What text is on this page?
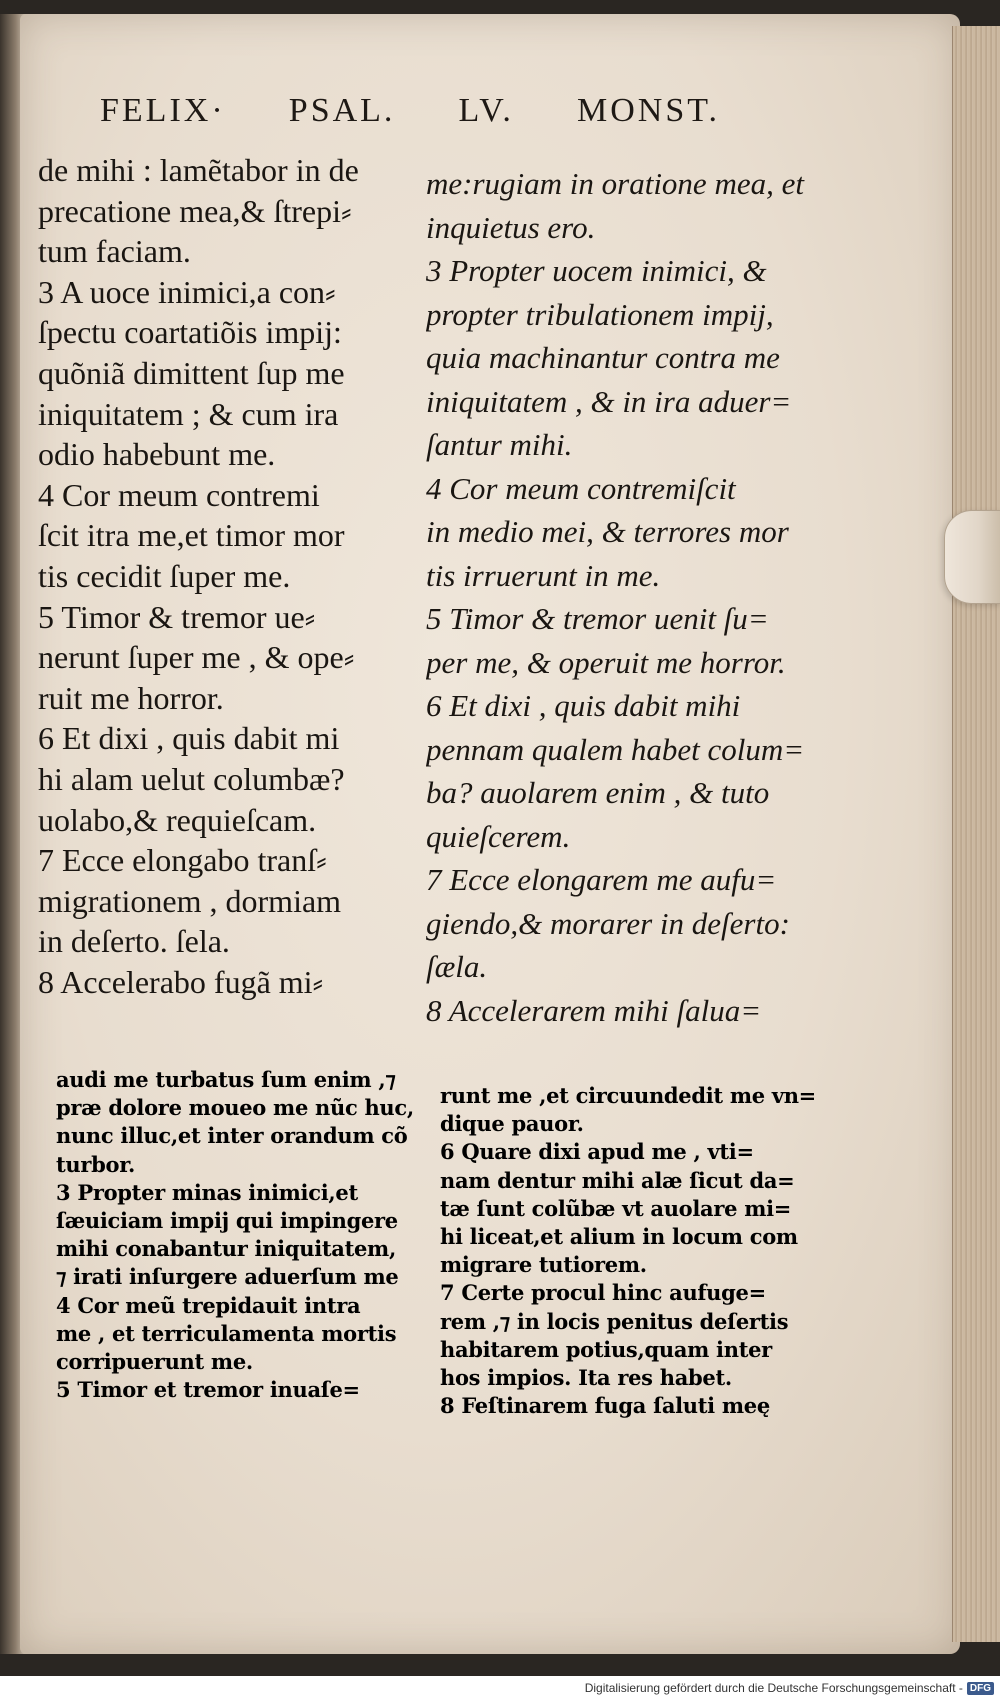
FELIX· PSAL. LV. MONST.
de mihi : lamẽtabor in de
precatione mea,& ſtrepi⸗
tum faciam.
3 A uoce inimici,a con⸗
ſpectu coartatiõis impij:
quõniã dimittent ſup me
iniquitatem ; & cum ira
odio habebunt me.
4 Cor meum contremi
ſcit itra me,et timor mor
tis cecidit ſuper me.
5 Timor & tremor ue⸗
nerunt ſuper me , & ope⸗
ruit me horror.
6 Et dixi , quis dabit mi
hi alam uelut columbæ?
uolabo,& requieſcam.
7 Ecce elongabo tranſ⸗
migrationem , dormiam
in deſerto. ſela.
8 Accelerabo fugã mi⸗
me:rugiam in oratione mea, et
inquietus ero.
3 Propter uocem inimici, &
propter tribulationem impij,
quia machinantur contra me
iniquitatem , & in ira aduer=
ſantur mihi.
4 Cor meum contremiſcit
in medio mei, & terrores mor
tis irruerunt in me.
5 Timor & tremor uenit ſu=
per me, & operuit me horror.
6 Et dixi , quis dabit mihi
pennam qualem habet colum=
ba? auolarem enim , & tuto
quieſcerem.
7 Ecce elongarem me aufu=
giendo,& morarer in deſerto:
ſæla.
8 Accelerarem mihi ſalua=
audi me turbatus ſum enim ,⁊
præ dolore moueo me nũc huc,
nunc illuc,et inter orandum cõ
turbor.
3 Propter minas inimici,et
ſæuiciam impij qui impingere
mihi conabantur iniquitatem,
⁊ irati inſurgere aduerſum me
4 Cor meũ trepidauit intra
me , et terriculamenta mortis
corripuerunt me.
5 Timor et tremor inuaſe=
runt me ,et circuundedit me vn=
dique pauor.
6 Quare dixi apud me , vti=
nam dentur mihi alæ ſicut da=
tæ ſunt colũbæ vt auolare mi=
hi liceat,et alium in locum com
migrare tutiorem.
7 Certe procul hinc aufuge=
rem ,⁊ in locis penitus deſertis
habitarem potius,quam inter
hos impios. Ita res habet.
8 Feſtinarem fuga ſaluti meę
Digitalisierung gefördert durch die Deutsche Forschungsgemeinschaft - DFG
